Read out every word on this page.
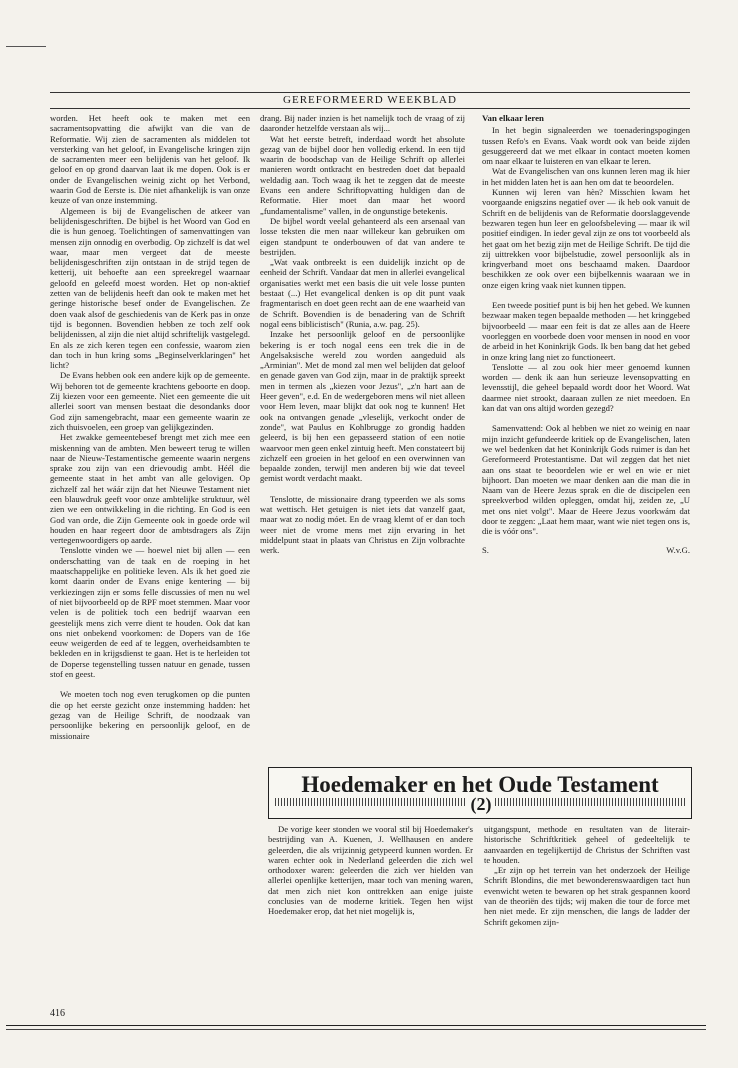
GEREFORMEERD WEEKBLAD

worden. Het heeft ook te maken met een sacramentsopvatting die afwijkt van die van de Reformatie. Wij zien de sacramenten als middelen tot versterking van het geloof, in Evangelische kringen zijn de sacramenten meer een belijdenis van het geloof. Ik geloof en op grond daarvan laat ik me dopen. Ook is er onder de Evangelischen weinig zicht op het Verbond, waarin God de Eerste is. Die niet afhankelijk is van onze keuze of van onze instemming.

Algemeen is bij de Evangelischen de atkeer van belijdenisgeschriften. De bijbel is het Woord van God en die is hun genoeg. Toelichtingen of samenvattingen van mensen zijn onnodig en overbodig. Op zichzelf is dat wel waar, maar men vergeet dat de meeste belijdenisgeschriften zijn ontstaan in de strijd tegen de ketterij, uit behoefte aan een spreekregel waarnaar geloofd en geleefd moest worden. Het op non-aktief zetten van de belijdenis heeft dan ook te maken met het geringe historische besef onder de Evangelischen. Ze doen vaak alsof de geschiedenis van de Kerk pas in onze tijd is begonnen. Bovendien hebben ze toch zelf ook belijdenissen, al zijn die niet altijd schriftelijk vastgelegd. En als ze zich keren tegen een confessie, waarom zien dan toch in hun kring soms „Beginselverklaringen" het licht?

De Evans hebben ook een andere kijk op de gemeente. Wij behoren tot de gemeente krachtens geboorte en doop. Zij kiezen voor een gemeente. Niet een gemeente die uit allerlei soort van mensen bestaat die desondanks door God zijn samengebracht, maar een gemeente waarin ze zich thuisvoelen, een groep van gelijkgezinden.

Het zwakke gemeentebesef brengt met zich mee een miskenning van de ambten. Men beweert terug te willen naar de Nieuw-Testamentische gemeente waarin nergens sprake zou zijn van een drievoudig ambt. Héél die gemeente staat in het ambt van alle gelovigen. Op zichzelf zal het wáár zijn dat het Nieuwe Testament niet een blauwdruk geeft voor onze ambtelijke struktuur, wèl zien we een ontwikkeling in die richting. En God is een God van orde, die Zijn Gemeente ook in goede orde wil houden en haar regeert door de ambtsdragers als Zijn vertegenwoordigers op aarde.

Tenslotte vinden we — hoewel niet bij allen — een onderschatting van de taak en de roeping in het maatschappelijke en politieke leven. Als ik het goed zie komt daarin onder de Evans enige kentering — bij verkiezingen zijn er soms felle discussies of men nu wel of niet bijvoorbeeld op de RPF moet stemmen. Maar voor velen is de politiek toch een bedrijf waarvan een geestelijk mens zich verre dient te houden. Ook dat kan ons niet onbekend voorkomen: de Dopers van de 16e eeuw weigerden de eed af te leggen, overheidsambten te bekleden en in krijgsdienst te gaan. Het is te herleiden tot de Doperse tegenstelling tussen natuur en genade, tussen stof en geest.

We moeten toch nog even terugkomen op die punten die op het eerste gezicht onze instemming hadden: het gezag van de Heilige Schrift, de noodzaak van persoonlijke bekering en persoonlijk geloof, en de missionaire

drang. Bij nader inzien is het namelijk toch de vraag of zij daaronder hetzelfde verstaan als wij...

Wat het eerste betreft, inderdaad wordt het absolute gezag van de bijbel door hen volledig erkend. In een tijd waarin de boodschap van de Heilige Schrift op allerlei manieren wordt ontkracht en bestreden doet dat bepaald weldadig aan. Toch waag ik het te zeggen dat de meeste Evans een andere Schriftopvatting huldigen dan de Reformatie. Hier moet dan maar het woord „fundamentalisme" vallen, in de ongunstige betekenis.

De bijbel wordt veelal gehanteerd als een arsenaal van losse teksten die men naar willekeur kan gebruiken om eigen standpunt te onderbouwen of dat van andere te bestrijden.

„Wat vaak ontbreekt is een duidelijk inzicht op de eenheid der Schrift. Vandaar dat men in allerlei evangelical organisaties werkt met een basis die uit vele losse punten bestaat (...) Het evangelical denken is op dit punt vaak fragmentarisch en doet geen recht aan de ene waarheid van de Schrift. Bovendien is de benadering van de Schrift nogal eens biblicistisch" (Runia, a.w. pag. 25).

Inzake het persoonlijk geloof en de persoonlijke bekering is er toch nogal eens een trek die in de Angelsaksische wereld zou worden aangeduid als „Arminian". Met de mond zal men wel belijden dat geloof en genade gaven van God zijn, maar in de praktijk spreekt men in termen als „kiezen voor Jezus", „z'n hart aan de Heer geven", e.d. En de wedergeboren mens wil niet alleen voor Hem leven, maar blijkt dat ook nog te kunnen! Het ook na ontvangen genade „vleselijk, verkocht onder de zonde", wat Paulus en Kohlbrugge zo grondig hadden geleerd, is bij hen een gepasseerd station of een notie waarvoor men geen enkel zintuig heeft. Men constateert bij zichzelf een groeien in het geloof en een overwinnen van bepaalde zonden, terwijl men anderen bij wie dat teveel gemist wordt verdacht maakt.

Tenslotte, de missionaire drang typeerden we als soms wat wettisch. Het getuigen is niet iets dat vanzelf gaat, maar wat zo nodig móet. En de vraag klemt of er dan toch weer niet de vrome mens met zijn ervaring in het middelpunt staat in plaats van Christus en Zijn volbrachte werk.

Van elkaar leren

In het begin signaleerden we toenaderingspogingen tussen Refo's en Evans. Vaak wordt ook van beide zijden gesuggereerd dat we met elkaar in contact moeten komen om naar elkaar te luisteren en van elkaar te leren.

Wat de Evangelischen van ons kunnen leren mag ik hier in het midden laten het is aan hen om dat te beoordelen.

Kunnen wij leren van hèn? Misschien kwam het voorgaande enigszins negatief over — ik heb ook vanuit de Schrift en de belijdenis van de Reformatie doorslaggevende bezwaren tegen hun leer en geloofsbeleving — maar ik wil positief eindigen. In ieder geval zijn ze ons tot voorbeeld als het gaat om het bezig zijn met de Heilige Schrift. De tijd die zij uittrekken voor bijbelstudie, zowel persoonlijk als in kringverband moet ons beschaamd maken. Daardoor beschikken ze ook over een bijbelkennis waaraan we in onze eigen kring vaak niet kunnen tippen.

Een tweede positief punt is bij hen het gebed. We kunnen bezwaar maken tegen bepaalde methoden — het kringgebed bijvoorbeeld — maar een feit is dat ze alles aan de Heere voorleggen en voorbede doen voor mensen in nood en voor de arbeid in het Koninkrijk Gods. Ik ben bang dat het gebed in onze kring lang niet zo functioneert.

Tenslotte — al zou ook hier meer genoemd kunnen worden — denk ik aan hun serieuze levensopvatting en levensstijl, die geheel bepaald wordt door het Woord. Wat daarmee niet strookt, daaraan zullen ze niet meedoen. En kan dat van ons altijd worden gezegd?

Samenvattend: Ook al hebben we niet zo weinig en naar mijn inzicht gefundeerde kritiek op de Evangelischen, laten we wel bedenken dat het Koninkrijk Gods ruimer is dan het Gereformeerd Protestantisme. Dat wil zeggen dat het niet aan ons staat te beoordelen wie er wel en wie er niet bijhoort. Dan moeten we maar denken aan die man die in Naam van de Heere Jezus sprak en die de discipelen een spreekverbod wilden opleggen, omdat hij, zeiden ze, „U met ons niet volgt". Maar de Heere Jezus voorkwám dat door te zeggen: „Laat hem maar, want wie niet tegen ons is, die is vóór ons".

S.	W.v.G.
Hoedemaker en het Oude Testament
(2)

De vorige keer stonden we vooral stil bij Hoedemaker's bestrijding van A. Kuenen, J. Wellhausen en andere geleerden, die als vrijzinnig getypeerd kunnen worden. Er waren echter ook in Nederland geleerden die zich wel orthodoxer waren: geleerden die zich ver hielden van allerlei openlijke ketterijen, maar toch van mening waren, dat men zich niet kon onttrekken aan enige juiste conclusies van de moderne kritiek. Tegen hen wijst Hoedemaker erop, dat het niet mogelijk is,

uitgangspunt, methode en resultaten van de literair-historische Schriftkritiek geheel of gedeeltelijk te aanvaarden en tegelijkertijd de Christus der Schriften vast te houden.

„Er zijn op het terrein van het onderzoek der Heilige Schrift Blondins, die met bewonderenswaardigen tact hun evenwicht weten te bewaren op het strak gespannen koord van de theoriën des tijds; wij maken die tour de force met hen niet mede. Er zijn menschen, die langs de ladder der Schrift gekomen zijn-

416
